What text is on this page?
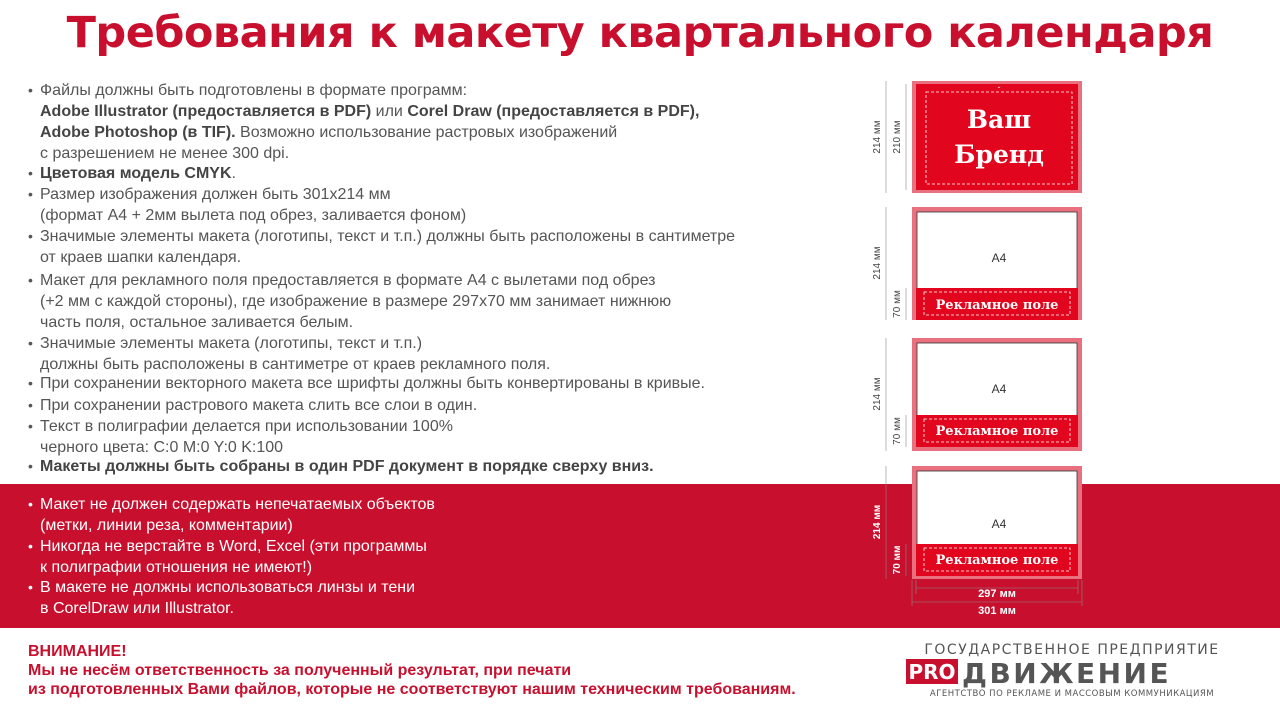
Требования к макету квартального календаря
• Файлы должны быть подготовлены в формате программ:
Adobe Illustrator (предоставляется в PDF) или Corel Draw (предоставляется в PDF),
Adobe Photoshop (в TIF). Возможно использование растровых изображений
с разрешением не менее 300 dpi.
• Цветовая модель CMYK.
• Размер изображения должен быть 301x214 мм
(формат А4 + 2мм вылета под обрез, заливается фоном)
• Значимые элементы макета (логотипы, текст и т.п.) должны быть расположены в сантиметре
от краев шапки календаря.
• Макет для рекламного поля предоставляется в формате А4 с вылетами под обрез
(+2 мм с каждой стороны), где изображение в размере 297x70 мм занимает нижнюю
часть поля, остальное заливается белым.
• Значимые элементы макета (логотипы, текст и т.п.)
должны быть расположены в сантиметре от краев рекламного поля.
• При сохранении векторного макета все шрифты должны быть конвертированы в кривые.
• При сохранении растрового макета слить все слои в один.
• Текст в полиграфии делается при использовании 100%
черного цвета: C:0 M:0 Y:0 K:100
• Макеты должны быть собраны в один PDF документ в порядке сверху вниз.
• Макет не должен содержать непечатаемых объектов
(метки, линии реза, комментарии)
• Никогда не верстайте в Word, Excel (эти программы
к полиграфии отношения не имеют!)
• В макете не должны использоваться линзы и тени
в CorelDraw или Illustrator.
ВНИМАНИЕ!
Мы не несём ответственность за полученный результат, при печати
из подготовленных Вами файлов, которые не соответствуют нашим техническим требованиям.
Ваш
Бренд
-
А4
Рекламное поле
А4
Рекламное поле
А4
Рекламное поле
214 мм 210 мм
214 мм
70 мм
214 мм
70 мм
214 мм
70 мм
297 мм
301 мм
ГОСУДАРСТВЕННОЕ ПРЕДПРИЯТИЕ
PRO ДВИЖЕНИЕ
АГЕНТСТВО ПО РЕКЛАМЕ И МАССОВЫМ КОММУНИКАЦИЯМ
